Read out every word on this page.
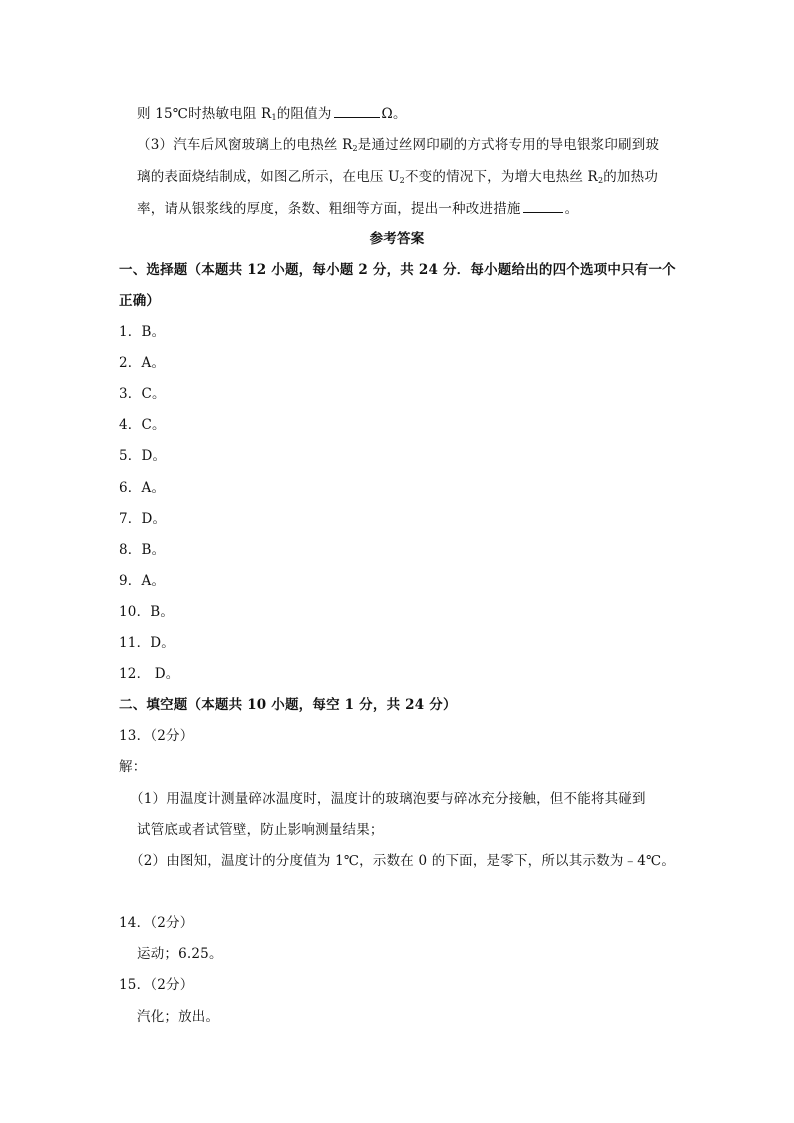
则 15℃时热敏电阻 $R_1$的阻值为	Ω。
（3）汽车后风窗玻璃上的电热丝 $R_2$是通过丝网印刷的方式将专用的导电银浆印刷到玻
璃的表面烧结制成，如图乙所示，在电压 $U_2$不变的情况下，为增大电热丝 $R_2$的加热功
率，请从银浆线的厚度，条数、粗细等方面，提出一种改进措施	。
参考答案
一、选择题（本题共 12 小题，每小题 2 分，共 24 分．每小题给出的四个选项中只有一个
正确）
1．B。
2．A。
3．C。
4．C。
5．D。
6．A。
7．D。
8．B。
9．A。
10．B。
11．D。
12． D。
二、填空题（本题共 10 小题，每空 1 分，共 24 分）
13．（2分）
解：
（1）用温度计测量碎冰温度时，温度计的玻璃泡要与碎冰充分接触，但不能将其碰到
试管底或者试管壁，防止影响测量结果；
（2）由图知，温度计的分度值为 1℃，示数在 0 的下面，是零下，所以其示数为﹣4℃。
14．（2分）
运动；6.25。
15．（2分）
汽化；放出。
